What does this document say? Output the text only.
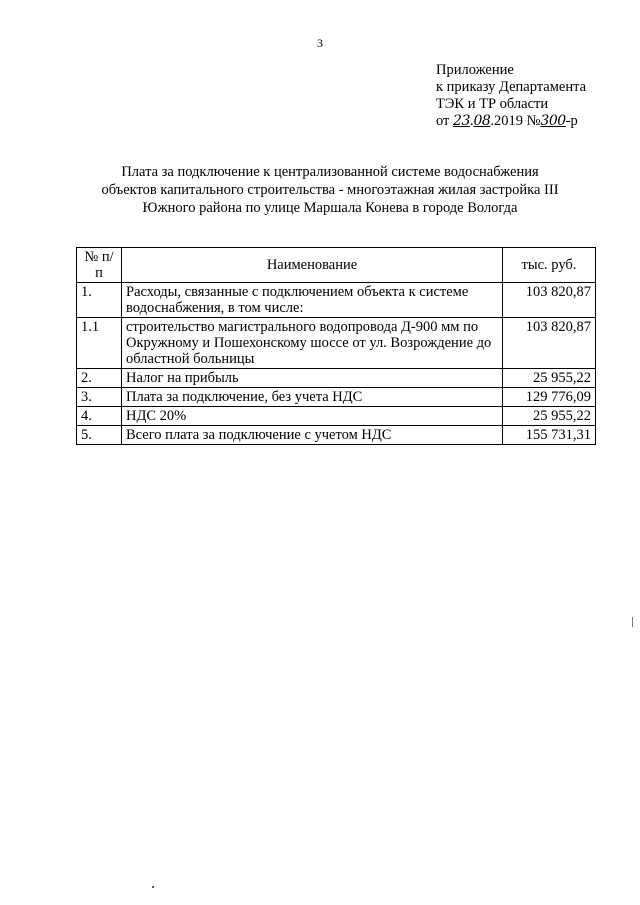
3
Приложение
к приказу Департамента
ТЭК и ТР области
от 23.08.2019 №300-р
Плата за подключение к централизованной системе водоснабжения
объектов капитального строительства - многоэтажная жилая застройка III
Южного района по улице Маршала Конева в городе Вологда
№ п/п	Наименование	тыс. руб.
1.	Расходы, связанные с подключением объекта к системе водоснабжения, в том числе:	103 820,87
1.1	строительство магистрального водопровода Д-900 мм по Окружному и Пошехонскому шоссе от ул. Возрождение до областной больницы	103 820,87
2.	Налог на прибыль	25 955,22
3.	Плата за подключение, без учета НДС	129 776,09
4.	НДС 20%	25 955,22
5.	Всего плата за подключение с учетом НДС	155 731,31
